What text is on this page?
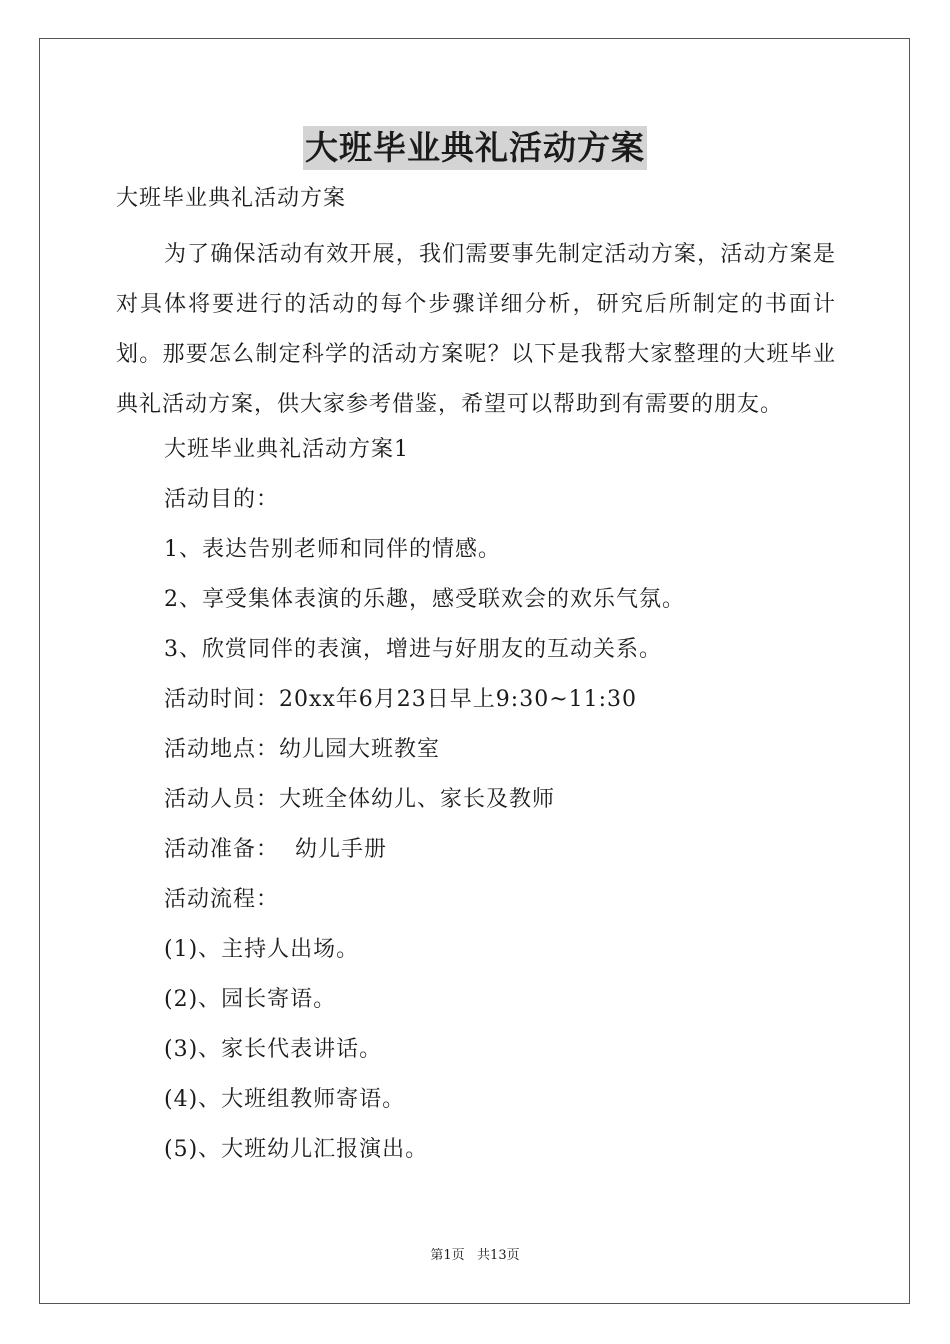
大班毕业典礼活动方案
大班毕业典礼活动方案

为了确保活动有效开展，我们需要事先制定活动方案，活动方案是对具体将要进行的活动的每个步骤详细分析，研究后所制定的书面计划。那要怎么制定科学的活动方案呢？以下是我帮大家整理的大班毕业典礼活动方案，供大家参考借鉴，希望可以帮助到有需要的朋友。

大班毕业典礼活动方案1
活动目的：
1、表达告别老师和同伴的情感。
2、享受集体表演的乐趣，感受联欢会的欢乐气氛。
3、欣赏同伴的表演，增进与好朋友的互动关系。
活动时间：20xx年6月23日早上9:30~11:30
活动地点：幼儿园大班教室
活动人员：大班全体幼儿、家长及教师
活动准备：  幼儿手册
活动流程：
(1)、主持人出场。
(2)、园长寄语。
(3)、家长代表讲话。
(4)、大班组教师寄语。
(5)、大班幼儿汇报演出。
第1页   共13页
